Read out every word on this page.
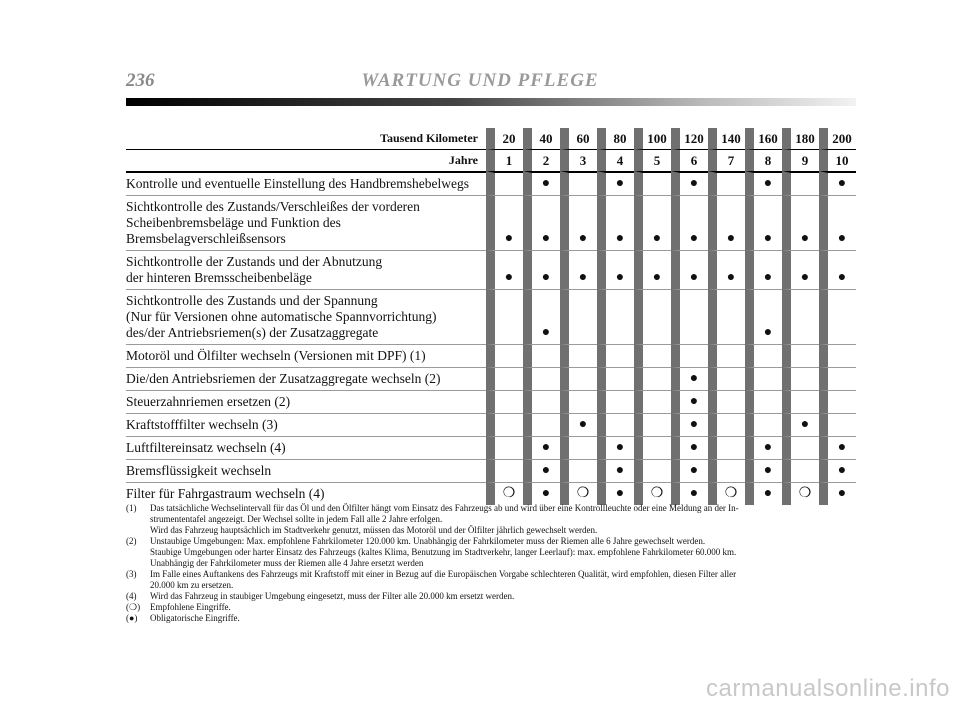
236	WARTUNG UND PFLEGE
Tausend Kilometer	20	40	60	80	100	120	140	160	180	200
Jahre	1	2	3	4	5	6	7	8	9	10
Kontrolle und eventuelle Einstellung des Handbremshebelwegs		●		●		●		●		●
Sichtkontrolle des Zustands/Verschleißes der vorderen
Scheibenbremsbeläge und Funktion des
Bremsbelagverschleißsensors	●	●	●	●	●	●	●	●	●	●
Sichtkontrolle der Zustands und der Abnutzung
der hinteren Bremsscheibenbeläge	●	●	●	●	●	●	●	●	●	●
Sichtkontrolle des Zustands und der Spannung
(Nur für Versionen ohne automatische Spannvorrichtung)
des/der Antriebsriemen(s) der Zusatzaggregate		●						●		
Motoröl und Ölfilter wechseln (Versionen mit DPF) (1)										
Die/den Antriebsriemen der Zusatzaggregate wechseln (2)						●				
Steuerzahnriemen ersetzen (2)						●				
Kraftstofffilter wechseln (3)			●			●			●	
Luftfiltereinsatz wechseln (4)		●		●		●		●		●
Bremsflüssigkeit wechseln		●		●		●		●		●
Filter für Fahrgastraum wechseln (4)	❍	●	❍	●	❍	●	❍	●	❍	●
(1)	Das tatsächliche Wechselintervall für das Öl und den Ölfilter hängt vom Einsatz des Fahrzeugs ab und wird über eine Kontrollleuchte oder eine Meldung an der In-
strumententafel angezeigt. Der Wechsel sollte in jedem Fall alle 2 Jahre erfolgen.
Wird das Fahrzeug hauptsächlich im Stadtverkehr genutzt, müssen das Motoröl und der Ölfilter jährlich gewechselt werden.
(2)	Unstaubige Umgebungen: Max. empfohlene Fahrkilometer 120.000 km. Unabhängig der Fahrkilometer muss der Riemen alle 6 Jahre gewechselt werden.
Staubige Umgebungen oder harter Einsatz des Fahrzeugs (kaltes Klima, Benutzung im Stadtverkehr, langer Leerlauf): max. empfohlene Fahrkilometer 60.000 km.
Unabhängig der Fahrkilometer muss der Riemen alle 4 Jahre ersetzt werden
(3)	Im Falle eines Auftankens des Fahrzeugs mit Kraftstoff mit einer in Bezug auf die Europäischen Vorgabe schlechteren Qualität, wird empfohlen, diesen Filter aller
20.000 km zu ersetzen.
(4)	Wird das Fahrzeug in staubiger Umgebung eingesetzt, muss der Filter alle 20.000 km ersetzt werden.
(❍)	Empfohlene Eingriffe.
(●)	Obligatorische Eingriffe.
carmanualsonline.info
